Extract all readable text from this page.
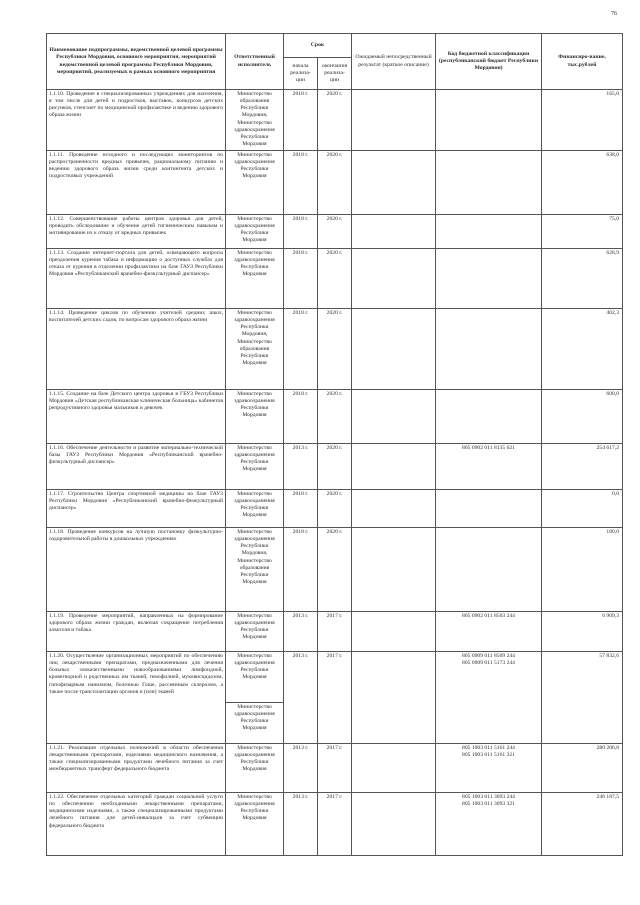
76
Наименование подпрограммы, ведомственной целевой программы Республики Мордовия, основного мероприятия, мероприятий ведомственной целевой программы Республики Мордовия, мероприятий, реализуемых в рамках основного мероприятия	Ответственный исполнитель	Срок		Ожидаемый непосредственный результат (краткое описание)	Код бюджетной классификации (республиканский бюджет Республики Мордовия)	Финансиро-вание, тыс.рублей
		начала реализа-ции	окончания реализа-ции			
1.1.10. Проведение в специализированных учреждениях для населения, в том числе для детей и подростков, выставок, конкурсов детских рисунков, стенгазет по медицинской профилактике и ведению здорового образа жизни	Министерство образования Республики Мордовия, Министерство здравоохранения Республики Мордовия	2018 г.	2020 г.			165,0
1.1.11. Проведение исходного и последующих мониторингов по распространенности вредных привычек, рациональному питанию и ведению здорового образа жизни среди контингента детских и подростковых учреждений	Министерство здравоохранения Республики Мордовия	2018 г.	2020 г.			638,0
1.1.12. Совершенствование работы центров здоровья для детей, проводить обследование и обучение детей гигиеническим навыкам и мотивирование их к отказу от вредных привычек	Министерство здравоохранения Республики Мордовия	2018 г.	2020 г.			75,0
1.1.13. Создание интернет-портала для детей, освещающего вопросы преодоления курения табака и информацию о доступных службах для отказа от курения в отделении профилактики на базе ГАУЗ Республики Мордовия «Республиканский врачебно-физкультурный диспансер»	Министерство здравоохранения Республики Мордовия	2018 г.	2020 г.			628,9
1.1.14. Проведение циклов по обучению учителей средних школ, воспитателей детских садов, по вопросам здорового образа жизни	Министерство здравоохранения Республики Мордовия, Министерство образования Республики Мордовия	2018 г.	2020 г.			402,3
1.1.15. Создание на базе Детского центра здоровья в ГБУЗ Республики Мордовия «Детская республиканская клиническая больница» кабинетов репродуктивного здоровья мальчиков и девочек	Министерство здравоохранения Республики Мордовия	2018 г.	2020 г.			600,0
1.1.16. Обеспечение деятельности и развитие материально-технической базы ГАУЗ Республики Мордовия «Республиканский врачебно-физкультурный диспансер»	Министерство здравоохранения Республики Мордовия	2013 г.	2020 г.		805 0902 011 8135 621	254 617,2
1.1.17. Строительство Центра спортивной медицины на базе ГАУЗ Республики Мордовия «Республиканский врачебно-физкультурный диспансер»	Министерство здравоохранения Республики Мордовия	2018 г.	2020 г.			0,0
1.1.18. Проведение конкурсов на лучшую постановку физкультурно-оздоровительной работы в дошкольных учреждениях	Министерство здравоохранения Республики Мордовия, Министерство образования Республики Мордовия	2018 г.	2020 г.			180,0
1.1.19. Проведение мероприятий, направленных на формирование здорового образа жизни граждан, включая сокращение потребления алкоголя и табака	Министерство здравоохранения Республики Мордовия	2013 г.	2017 г.		805 0902 011 8503 244	6 909,3
1.1.20. Осуществление организационных мероприятий по обеспечению лиц лекарственными препаратами, предназначенными для лечения больных злокачественными новообразованиями лимфоидной, кроветворной и родственных им тканей, гемофилией, муковисцидозом, гипофизарным нанизмом, болезнью Гоше, рассеянным склерозом, а также после трансплантации органов и (или) тканей	Министерство здравоохранения Республики Мордовия	2013 г.	2017 г.		805 0909 011 8509 244
805 0909 011 5173 244	57 832,6
	Министерство здравоохранения Республики Мордовия					
1.1.21. Реализация отдельных полномочий в области обеспечения лекарственными препаратами, изделиями медицинского назначения, а также специализированными продуктами лечебного питания за счет межбюджетных трансферт федерального бюджета	Министерство здравоохранения Республики Мордовия	2013 г.	2017 г.		805 1003 011 5161 244
805 1003 011 5161 321	280 206,8
1.1.22. Обеспечение отдельных категорий граждан социальной услуги по обеспечению необходимыми лекарственными препаратами, медицинскими изделиями, а также специализированными продуктами лечебного питания для детей-инвалидов за счет субвенции федерального бюджета	Министерство здравоохранения Республики Мордовия	2013 г.	2017 г.		805 1003 011 3093 244
805 1003 011 3093 321	246 187,5
